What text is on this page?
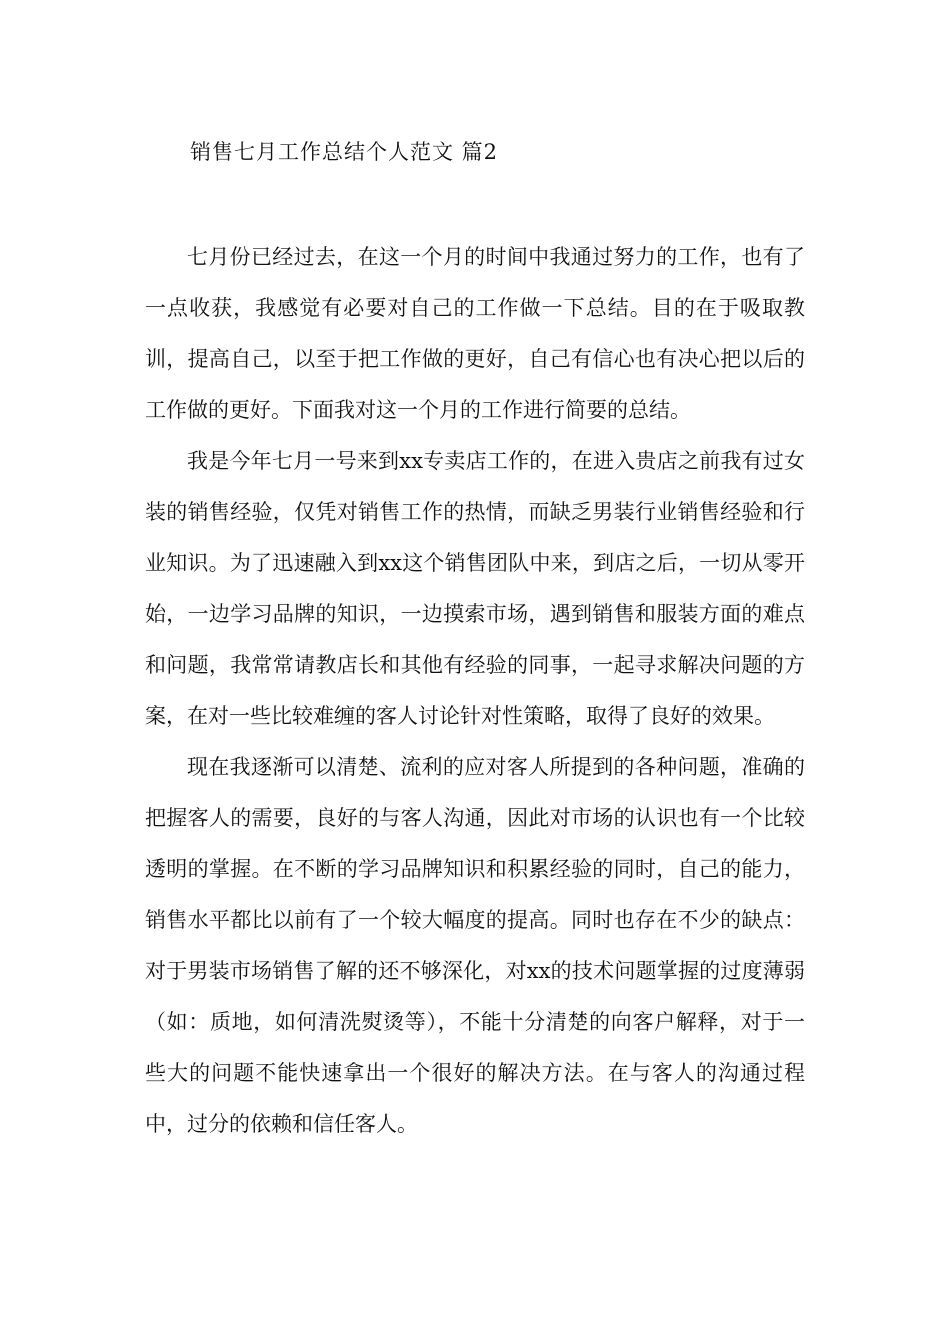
销售七月工作总结个人范文 篇2

七月份已经过去，在这一个月的时间中我通过努力的工作，也有了一点收获，我感觉有必要对自己的工作做一下总结。目的在于吸取教训，提高自己，以至于把工作做的更好，自己有信心也有决心把以后的工作做的更好。下面我对这一个月的工作进行简要的总结。

我是今年七月一号来到xx专卖店工作的，在进入贵店之前我有过女装的销售经验，仅凭对销售工作的热情，而缺乏男装行业销售经验和行业知识。为了迅速融入到xx这个销售团队中来，到店之后，一切从零开始，一边学习品牌的知识，一边摸索市场，遇到销售和服装方面的难点和问题，我常常请教店长和其他有经验的同事，一起寻求解决问题的方案，在对一些比较难缠的客人讨论针对性策略，取得了良好的效果。

现在我逐渐可以清楚、流利的应对客人所提到的各种问题，准确的把握客人的需要，良好的与客人沟通，因此对市场的认识也有一个比较透明的掌握。在不断的学习品牌知识和积累经验的同时，自己的能力，销售水平都比以前有了一个较大幅度的提高。同时也存在不少的缺点：对于男装市场销售了解的还不够深化，对xx的技术问题掌握的过度薄弱（如：质地，如何清洗熨烫等），不能十分清楚的向客户解释，对于一些大的问题不能快速拿出一个很好的解决方法。在与客人的沟通过程中，过分的依赖和信任客人。
